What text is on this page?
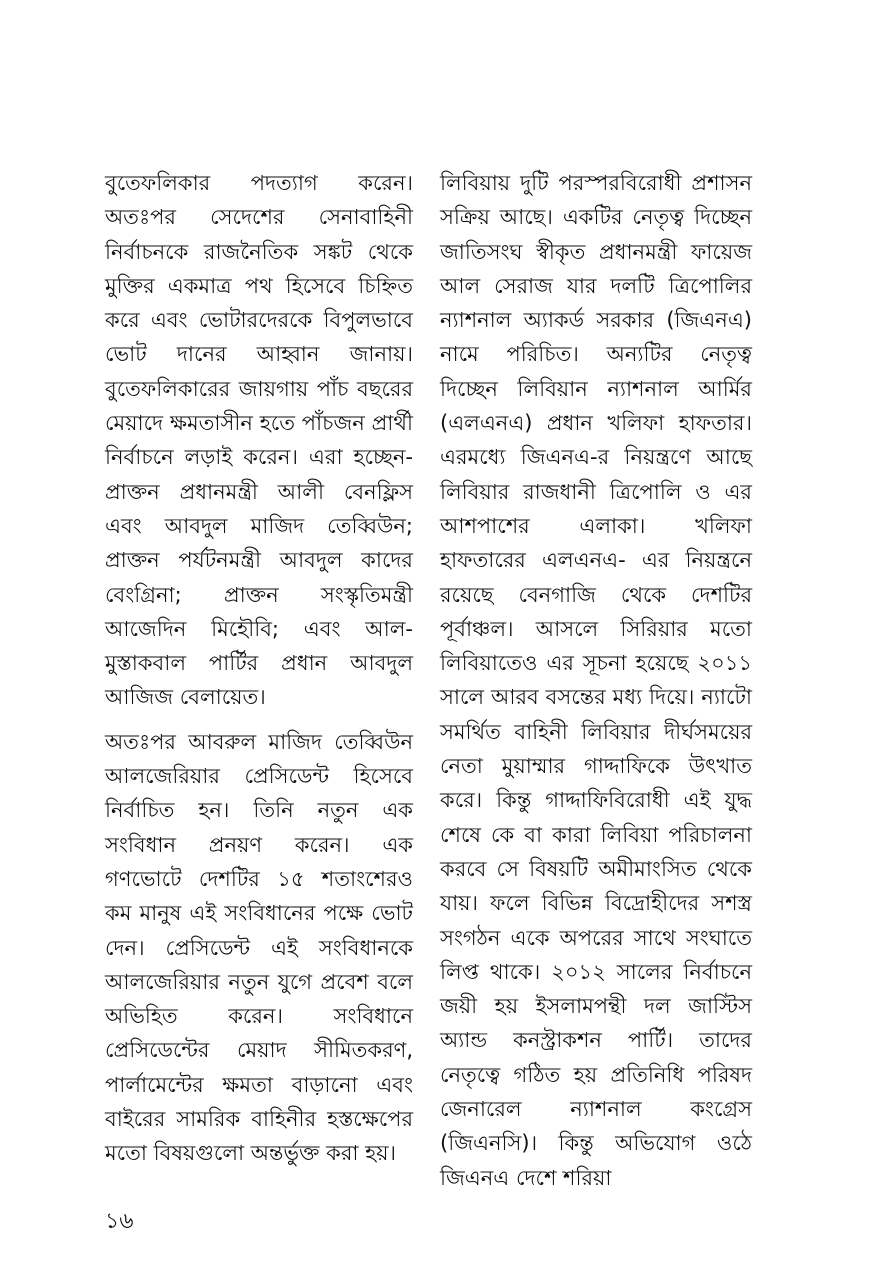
বুতেফলিকার পদত্যাগ করেন। অতঃপর সেদেশের সেনাবাহিনী নির্বাচনকে রাজনৈতিক সঙ্কট থেকে মুক্তির একমাত্র পথ হিসেবে চিহ্নিত করে এবং ভোটারদেরকে বিপুলভাবে ভোট দানের আহ্বান জানায়। বুতেফলিকারের জায়গায় পাঁচ বছরের মেয়াদে ক্ষমতাসীন হতে পাঁচজন প্রার্থী নির্বাচনে লড়াই করেন। এরা হচ্ছেন- প্রাক্তন প্রধানমন্ত্রী আলী বেনফ্লিস এবং আবদুল মাজিদ তেব্বিউন; প্রাক্তন পর্যটনমন্ত্রী আবদুল কাদের বেংগ্রিনা; প্রাক্তন সংস্কৃতিমন্ত্রী আজেদিন মিহৌবি; এবং আল-মুস্তাকবাল পার্টির প্রধান আবদুল আজিজ বেলায়েত।

অতঃপর আবরুল মাজিদ তেব্বিউন আলজেরিয়ার প্রেসিডেন্ট হিসেবে নির্বাচিত হন। তিনি নতুন এক সংবিধান প্রনয়ণ করেন। এক গণভোটে দেশটির ১৫ শতাংশেরও কম মানুষ এই সংবিধানের পক্ষে ভোট দেন। প্রেসিডেন্ট এই সংবিধানকে আলজেরিয়ার নতুন যুগে প্রবেশ বলে অভিহিত করেন। সংবিধানে প্রেসিডেন্টের মেয়াদ সীমিতকরণ, পার্লামেন্টের ক্ষমতা বাড়ানো এবং বাইরের সামরিক বাহিনীর হস্তক্ষেপের মতো বিষয়গুলো অন্তর্ভুক্ত করা হয়।

লিবিয়ায় দুটি পরস্পরবিরোধী প্রশাসন সক্রিয় আছে। একটির নেতৃত্ব দিচ্ছেন জাতিসংঘ স্বীকৃত প্রধানমন্ত্রী ফায়েজ আল সেরাজ যার দলটি ত্রিপোলির ন্যাশনাল অ্যাকর্ড সরকার (জিএনএ) নামে পরিচিত। অন্যটির নেতৃত্ব দিচ্ছেন লিবিয়ান ন্যাশনাল আর্মির (এলএনএ) প্রধান খলিফা হাফতার। এরমধ্যে জিএনএ-র নিয়ন্ত্রণে আছে লিবিয়ার রাজধানী ত্রিপোলি ও এর আশপাশের এলাকা। খলিফা হাফতারের এলএনএ- এর নিয়ন্ত্রনে রয়েছে বেনগাজি থেকে দেশটির পূর্বাঞ্চল। আসলে সিরিয়ার মতো লিবিয়াতেও এর সূচনা হয়েছে ২০১১ সালে আরব বসন্তের মধ্য দিয়ে। ন্যাটো সমর্থিত বাহিনী লিবিয়ার দীর্ঘসময়ের নেতা মুয়াম্মার গাদ্দাফিকে উৎখাত করে। কিন্তু গাদ্দাফিবিরোধী এই যুদ্ধ শেষে কে বা কারা লিবিয়া পরিচালনা করবে সে বিষয়টি অমীমাংসিত থেকে যায়। ফলে বিভিন্ন বিদ্রোহীদের সশস্ত্র সংগঠন একে অপরের সাথে সংঘাতে লিপ্ত থাকে। ২০১২ সালের নির্বাচনে জয়ী হয় ইসলামপন্থী দল জাস্টিস অ্যান্ড কনস্ট্রাকশন পার্টি। তাদের নেতৃত্বে গঠিত হয় প্রতিনিধি পরিষদ জেনারেল ন্যাশনাল কংগ্রেস (জিএনসি)। কিন্তু অভিযোগ ওঠে জিএনএ দেশে শরিয়া

১৬
